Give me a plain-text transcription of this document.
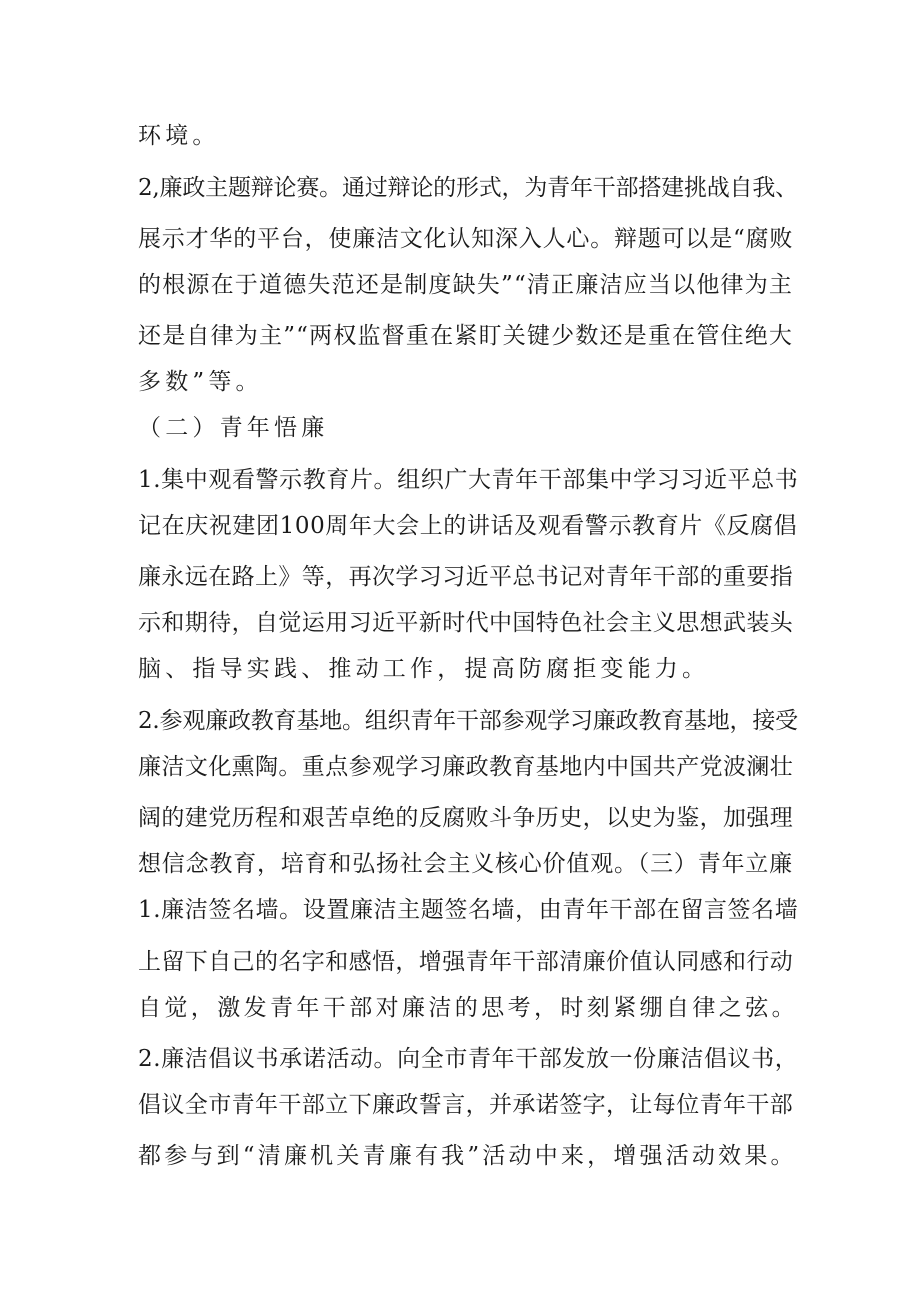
环境。
2,廉政主题辩论赛。通过辩论的形式，为青年干部搭建挑战自我、
展示才华的平台，使廉洁文化认知深入人心。辩题可以是“腐败
的根源在于道德失范还是制度缺失”“清正廉洁应当以他律为主
还是自律为主”“两权监督重在紧盯关键少数还是重在管住绝大
多数”等。
（二）青年悟廉
1.集中观看警示教育片。组织广大青年干部集中学习习近平总书
记在庆祝建团100周年大会上的讲话及观看警示教育片《反腐倡
廉永远在路上》等，再次学习习近平总书记对青年干部的重要指
示和期待，自觉运用习近平新时代中国特色社会主义思想武装头
脑、指导实践、推动工作，提高防腐拒变能力。
2.参观廉政教育基地。组织青年干部参观学习廉政教育基地，接受
廉洁文化熏陶。重点参观学习廉政教育基地内中国共产党波澜壮
阔的建党历程和艰苦卓绝的反腐败斗争历史，以史为鉴，加强理
想信念教育，培育和弘扬社会主义核心价值观。（三）青年立廉
1.廉洁签名墙。设置廉洁主题签名墙，由青年干部在留言签名墙
上留下自己的名字和感悟，增强青年干部清廉价值认同感和行动
自觉，激发青年干部对廉洁的思考，时刻紧绷自律之弦。
2.廉洁倡议书承诺活动。向全市青年干部发放一份廉洁倡议书，
倡议全市青年干部立下廉政誓言，并承诺签字，让每位青年干部
都参与到“清廉机关青廉有我”活动中来，增强活动效果。
